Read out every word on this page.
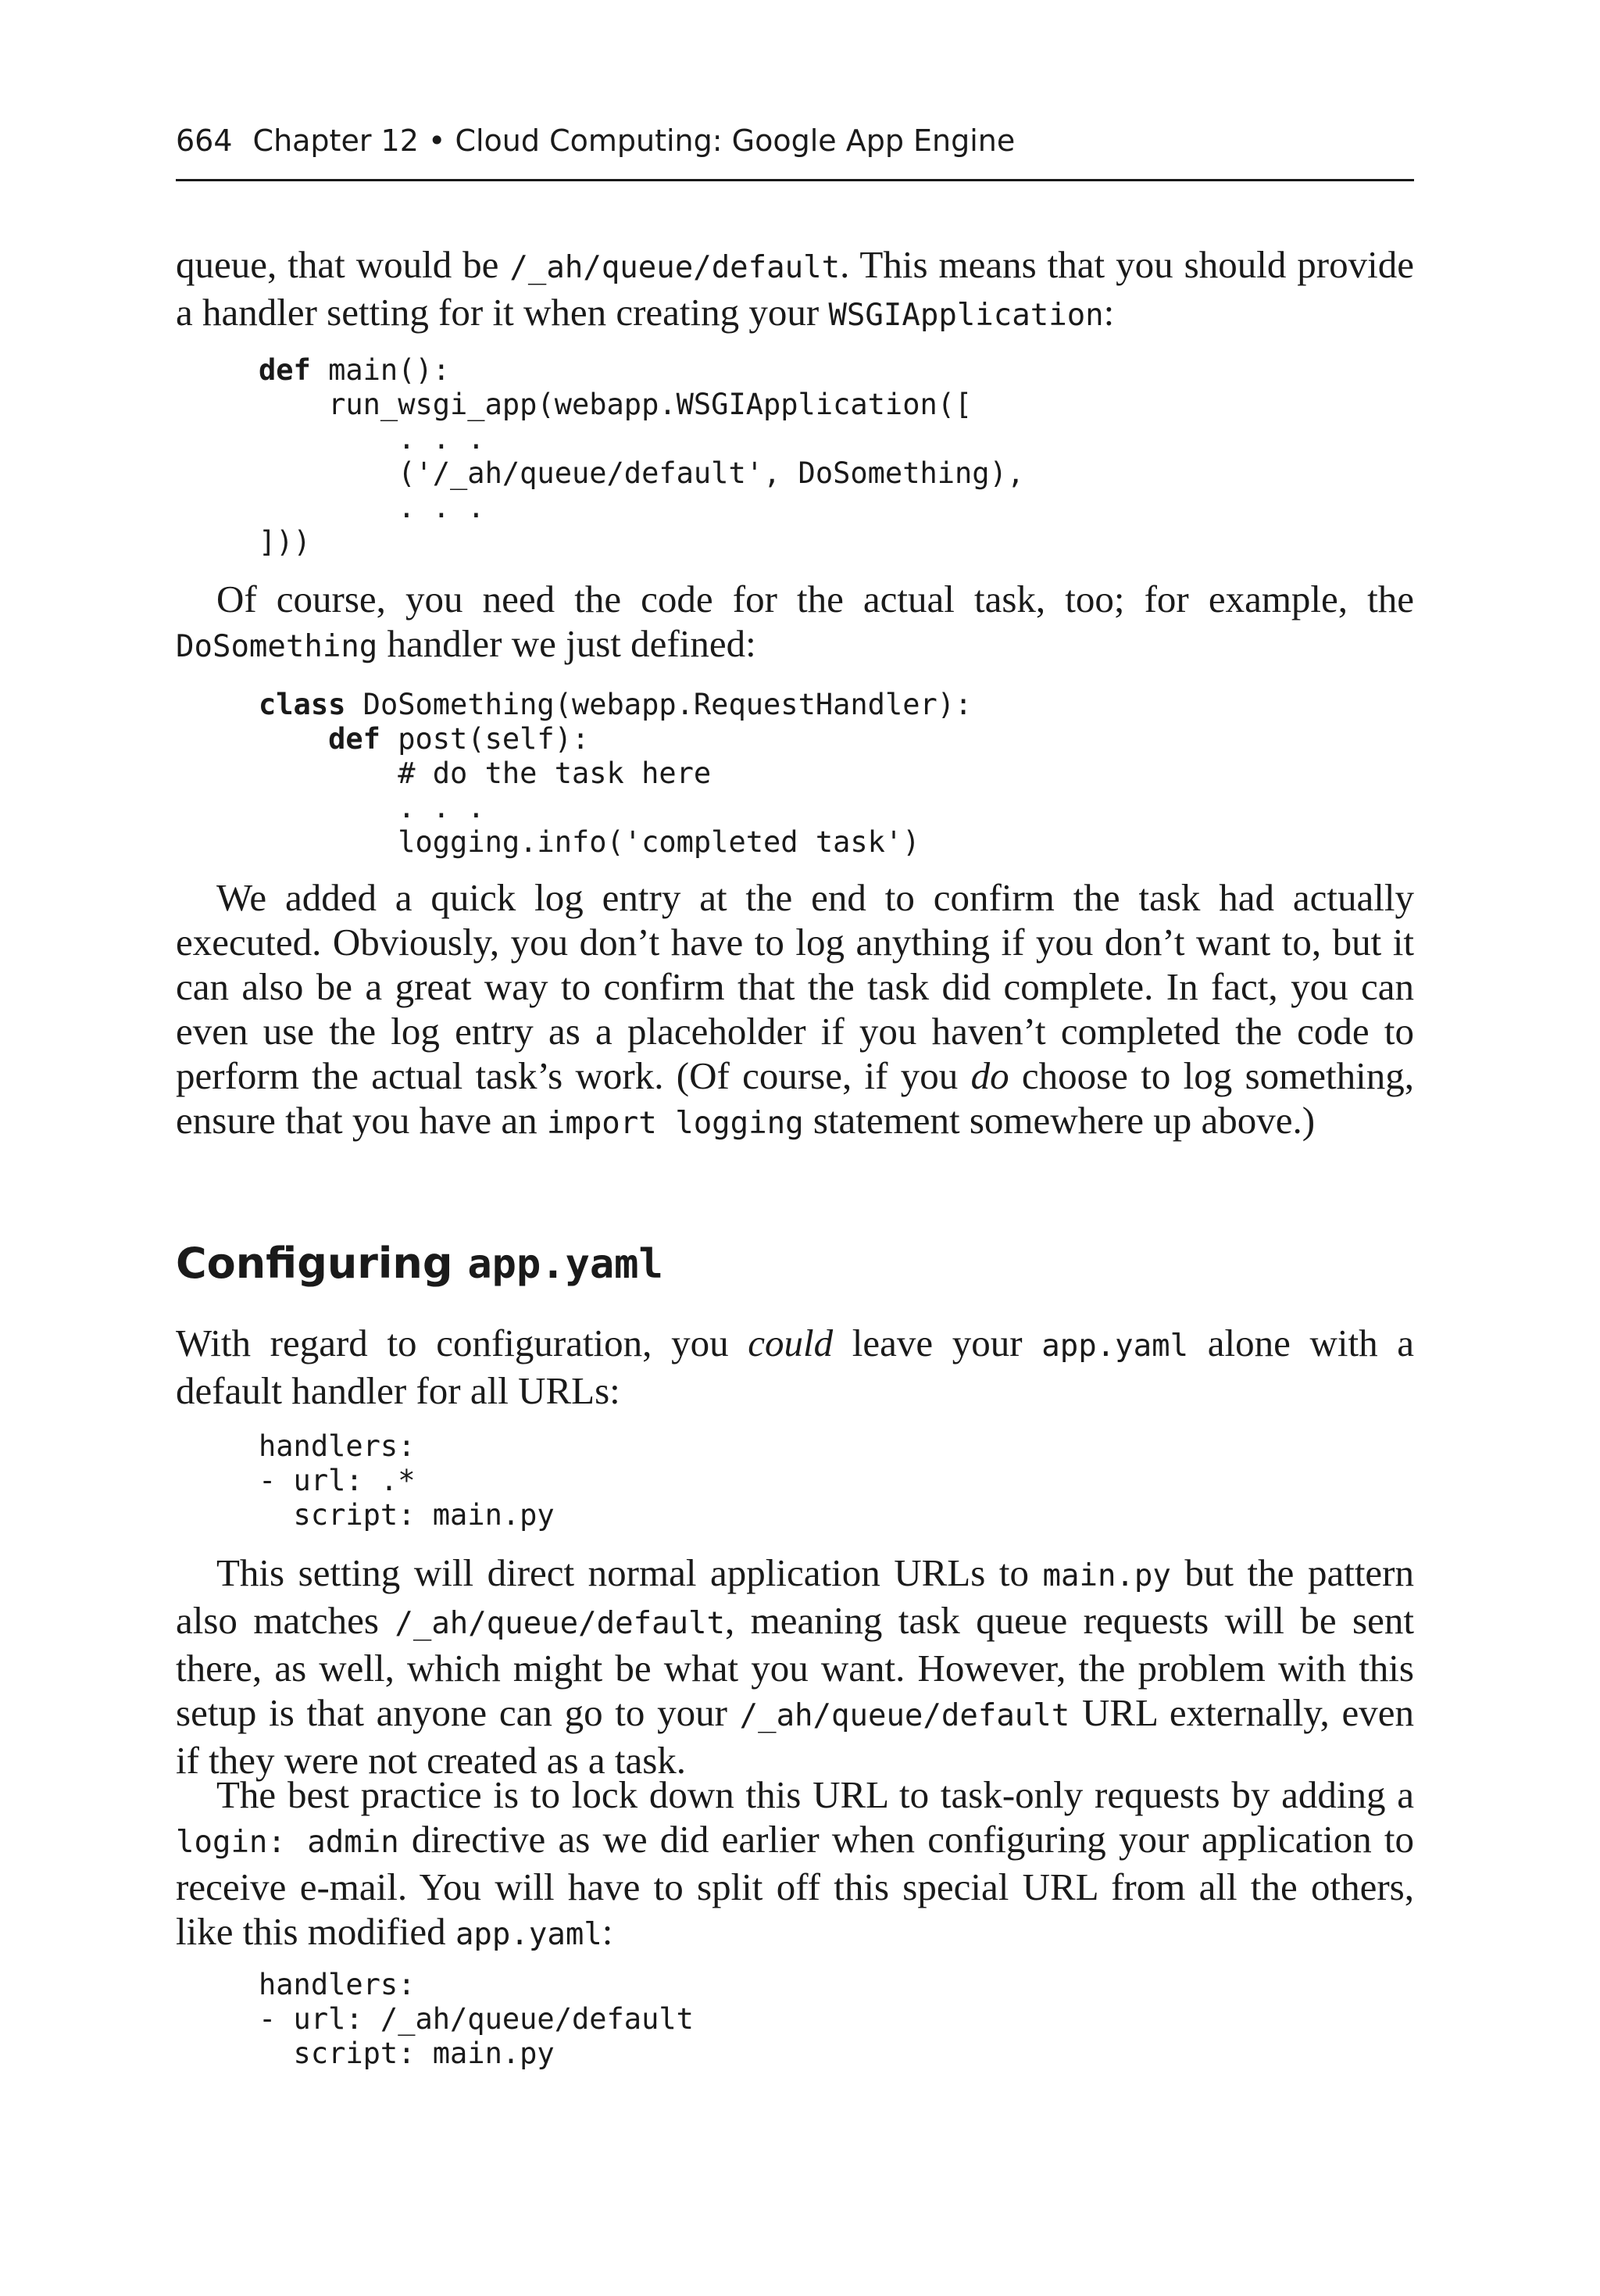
664 Chapter 12 • Cloud Computing: Google App Engine

queue, that would be /_ah/queue/default. This means that you should provide a handler setting for it when creating your WSGIApplication:

def main():
run_wsgi_app(webapp.WSGIApplication([
. . .
('/_ah/queue/default', DoSomething),
. . .
]))

Of course, you need the code for the actual task, too; for example, the DoSomething handler we just defined:

class DoSomething(webapp.RequestHandler):
def post(self):
# do the task here
. . .
logging.info('completed task')

We added a quick log entry at the end to confirm the task had actually executed. Obviously, you don’t have to log anything if you don’t want to, but it can also be a great way to confirm that the task did complete. In fact, you can even use the log entry as a placeholder if you haven’t completed the code to perform the actual task’s work. (Of course, if you do choose to log something, ensure that you have an import logging statement somewhere up above.)

Configuring app.yaml

With regard to configuration, you could leave your app.yaml alone with a default handler for all URLs:

handlers:
- url: .*
script: main.py

This setting will direct normal application URLs to main.py but the pattern also matches /_ah/queue/default, meaning task queue requests will be sent there, as well, which might be what you want. However, the problem with this setup is that anyone can go to your /_ah/queue/default URL externally, even if they were not created as a task.

The best practice is to lock down this URL to task-only requests by adding a login: admin directive as we did earlier when configuring your application to receive e-mail. You will have to split off this special URL from all the others, like this modified app.yaml:

handlers:
- url: /_ah/queue/default
script: main.py
